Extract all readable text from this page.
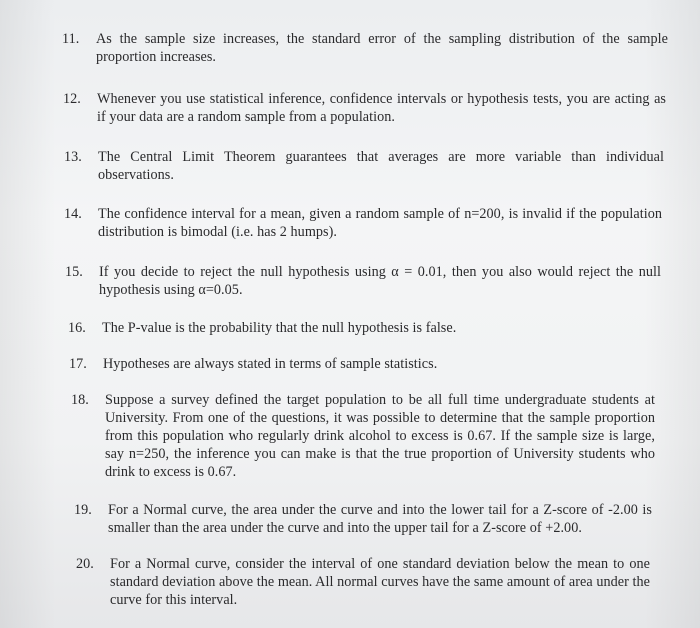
11.	As the sample size increases, the standard error of the sampling distribution of the sample proportion increases.
12.	Whenever you use statistical inference, confidence intervals or hypothesis tests, you are acting as if your data are a random sample from a population.
13.	The Central Limit Theorem guarantees that averages are more variable than individual observations.
14.	The confidence interval for a mean, given a random sample of n=200, is invalid if the population distribution is bimodal (i.e. has 2 humps).
15.	If you decide to reject the null hypothesis using α = 0.01, then you also would reject the null hypothesis using α=0.05.
16.	The P-value is the probability that the null hypothesis is false.
17.	Hypotheses are always stated in terms of sample statistics.
18.	Suppose a survey defined the target population to be all full time undergraduate students at University. From one of the questions, it was possible to determine that the sample proportion from this population who regularly drink alcohol to excess is 0.67. If the sample size is large, say n=250, the inference you can make is that the true proportion of University students who drink to excess is 0.67.
19.	For a Normal curve, the area under the curve and into the lower tail for a Z-score of -2.00 is smaller than the area under the curve and into the upper tail for a Z-score of +2.00.
20.	For a Normal curve, consider the interval of one standard deviation below the mean to one standard deviation above the mean. All normal curves have the same amount of area under the curve for this interval.
